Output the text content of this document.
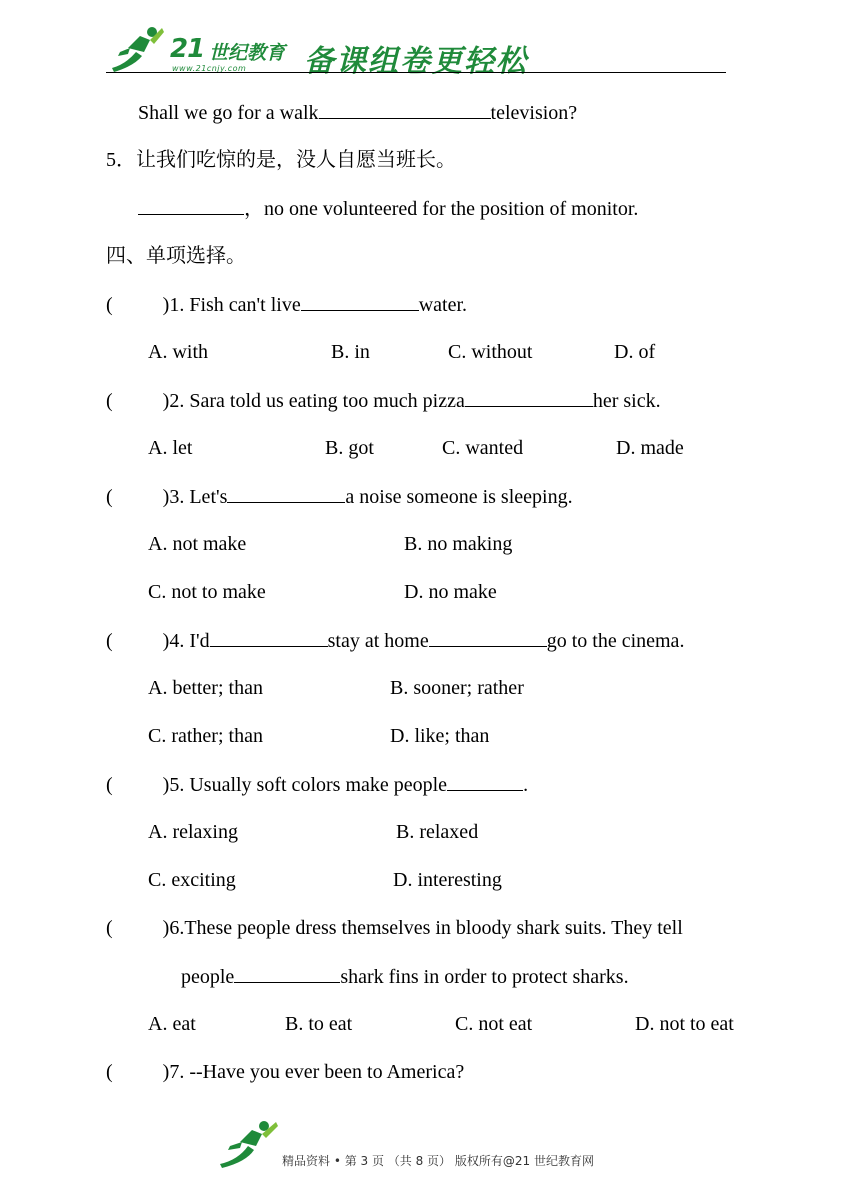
21 世纪教育
www.21cnjy.com 备课组卷更轻松
Shall we go for a walk	television?
5．让我们吃惊的是，没人自愿当班长。
，no one volunteered for the position of monitor.
四、单项选择。
(	)1. Fish can't live	water.
A. with	B. in	C. without	D. of
(	)2. Sara told us eating too much pizza	her sick.
A. let	B. got	C. wanted	D. made
(	)3. Let's	a noise someone is sleeping.
A. not make	B. no making
C. not to make	D. no make
(	)4. I'd	stay at home	go to the cinema.
A. better; than	B. sooner; rather
C. rather; than	D. like; than
(	)5. Usually soft colors make people	.
A. relaxing	B. relaxed
C. exciting	D. interesting
(	)6.These people dress themselves in bloody shark suits. They tell
people	shark fins in order to protect sharks.
A. eat	B. to eat	C. not eat	D. not to eat
(	)7. --Have you ever been to America?
精品资料 • 第 3 页 （共 8 页） 版权所有@21 世纪教育网
